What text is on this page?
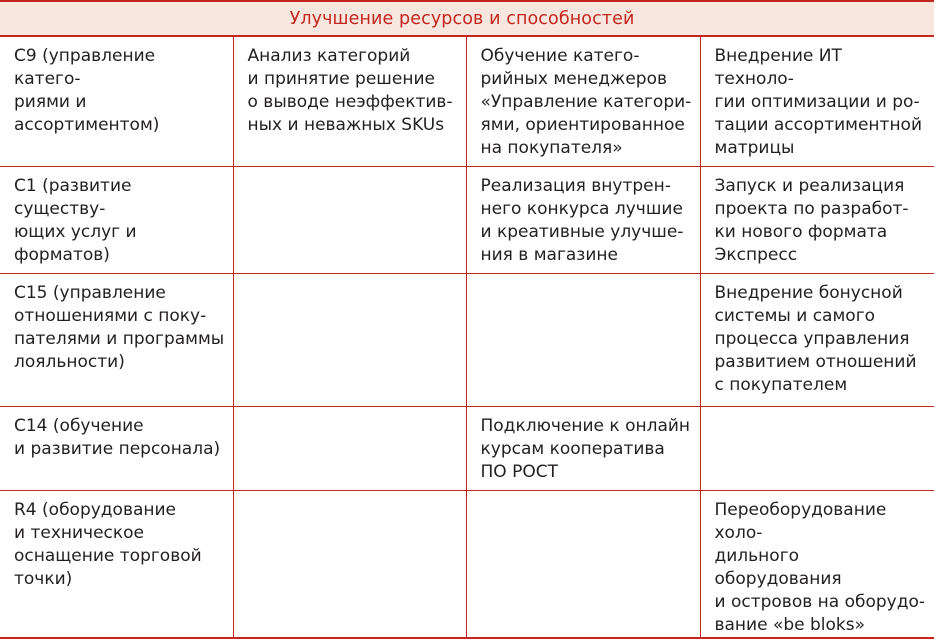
Улучшение ресурсов и способностей
С9 (управление катего-
риями и ассортиментом)	Анализ категорий
и принятие решение
о выводе неэффектив-
ных и неважных SKUs	Обучение катего-
рийных менеджеров
«Управление категори-
ями, ориентированное
на покупателя»	Внедрение ИТ техноло-
гии оптимизации и ро-
тации ассортиментной
матрицы

С1 (развитие существу-
ющих услуг и форматов)		Реализация внутрен-
него конкурса лучшие
и креативные улучше-
ния в магазине	Запуск и реализация
проекта по разработ-
ки нового формата
Экспресс

С15 (управление
отношениями с поку-
пателями и программы
лояльности)			Внедрение бонусной
системы и самого
процесса управления
развитием отношений
с покупателем

С14 (обучение
и развитие персонала)		Подключение к онлайн
курсам кооператива
ПО РОСТ	

R4 (оборудование
и техническое
оснащение торговой
точки)			Переоборудование холо-
дильного оборудования
и островов на оборудо-
вание «be bloks»
